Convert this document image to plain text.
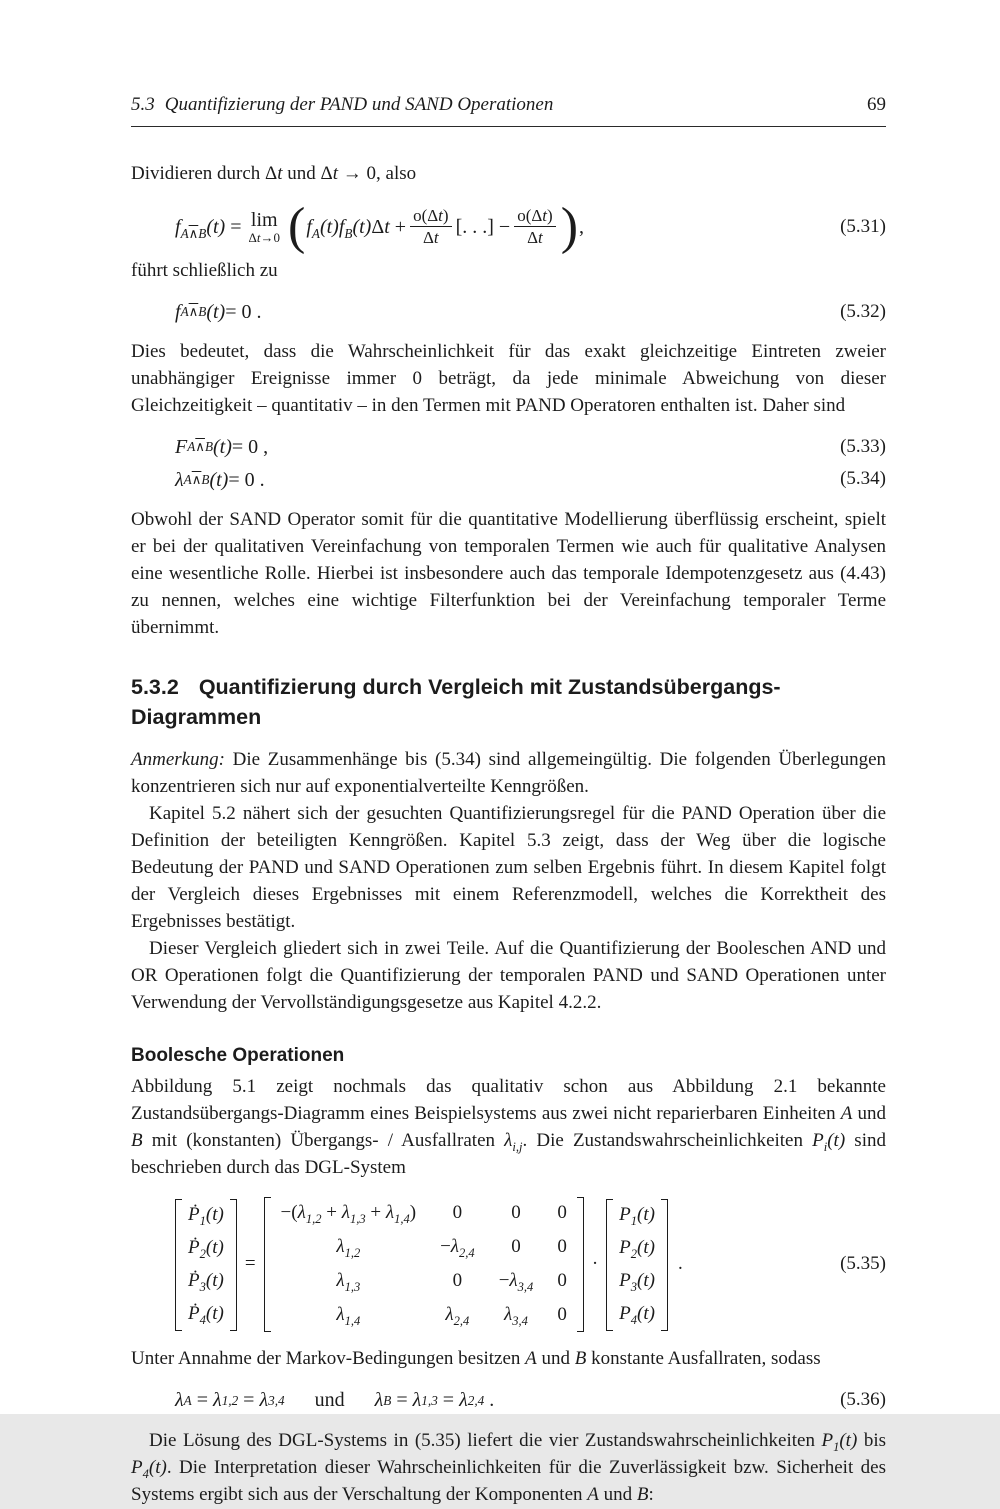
5.3 Quantifizierung der PAND und SAND Operationen	69

Dividieren durch Δt und Δt → 0, also

$f_{A\wedge B}(t) = \lim$
Δt→0 ( $f_A(t)f_B(t)\Delta t + \frac{o(\Delta t)}{\Delta t}$ [. . .] − $\frac{o(\Delta t)}{\Delta t}$ ) ,	(5.31)

führt schließlich zu

f A ∧ B (t) = 0 .	(5.32)

Dies bedeutet, dass die Wahrscheinlichkeit für das exakt gleichzeitige Eintreten zweier unabhängiger Ereignisse immer 0 beträgt, da jede minimale Abweichung von dieser Gleichzeitigkeit – quantitativ – in den Termen mit PAND Operatoren enthalten ist. Daher sind

F A ∧ B (t) = 0 ,	(5.33)
λ A ∧ B (t) = 0 .	(5.34)

Obwohl der SAND Operator somit für die quantitative Modellierung überflüssig erscheint, spielt er bei der qualitativen Vereinfachung von temporalen Termen wie auch für qualitative Analysen eine wesentliche Rolle. Hierbei ist insbesondere auch das temporale Idempotenzgesetz aus (4.43) zu nennen, welches eine wichtige Filterfunktion bei der Vereinfachung temporaler Terme übernimmt.

5.3.2 Quantifizierung durch Vergleich mit Zustandsübergangs-Diagrammen

Anmerkung: Die Zusammenhänge bis (5.34) sind allgemeingültig. Die folgenden Überlegungen konzentrieren sich nur auf exponentialverteilte Kenngrößen.

Kapitel 5.2 nähert sich der gesuchten Quantifizierungsregel für die PAND Operation über die Definition der beteiligten Kenngrößen. Kapitel 5.3 zeigt, dass der Weg über die logische Bedeutung der PAND und SAND Operationen zum selben Ergebnis führt. In diesem Kapitel folgt der Vergleich dieses Ergebnisses mit einem Referenzmodell, welches die Korrektheit des Ergebnisses bestätigt.

Dieser Vergleich gliedert sich in zwei Teile. Auf die Quantifizierung der Booleschen AND und OR Operationen folgt die Quantifizierung der temporalen PAND und SAND Operationen unter Verwendung der Vervollständigungsgesetze aus Kapitel 4.2.2.

Boolesche Operationen

Abbildung 5.1 zeigt nochmals das qualitativ schon aus Abbildung 2.1 bekannte Zustandsübergangs-Diagramm eines Beispielsystems aus zwei nicht reparierbaren Einheiten A und B mit (konstanten) Übergangs- / Ausfallraten $\lambda_{i,j}$. Die Zustandswahrscheinlichkeiten $P_i(t)$ sind beschrieben durch das DGL-System

Ṗ$_1$(t)
Ṗ$_2$(t)
Ṗ$_3$(t)
Ṗ$_4$(t)
=
$-(\lambda_{1,2} + \lambda_{1,3} + \lambda_{1,4})$ 0	0 0
$\lambda_{1,2}$	$-\lambda_{2,4}$ 0 0
$\lambda_{1,3}$	$0 -\lambda_{3,4}$ 0
$\lambda_{1,4}$	$\lambda_{2,4}$ $\lambda_{3,4}$ 0
·
$P_1(t)$
$P_2(t)$
$P_3(t)$
$P_4(t)$
.	(5.35)

Unter Annahme der Markov-Bedingungen besitzen A und B konstante Ausfallraten, sodass

λ A = λ 1,2 = λ 3,4 und λ B = λ 1,3 = λ 2,4 .	(5.36)

Die Lösung des DGL-Systems in (5.35) liefert die vier Zustandswahrscheinlichkeiten $P_1(t)$ bis $P_4(t)$. Die Interpretation dieser Wahrscheinlichkeiten für die Zuverlässigkeit bzw. Sicherheit des Systems ergibt sich aus der Verschaltung der Komponenten A und B:
